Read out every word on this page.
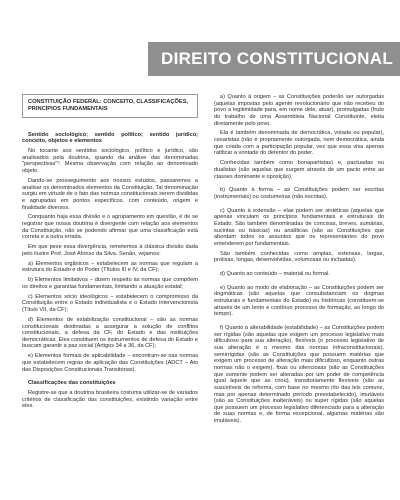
DIREITO CONSTITUCIONAL
CONSTITUIÇÃO FEDERAL: CONCEITO, CLASSIFICAÇÕES, PRINCÍPIOS FUNDAMENTAIS

Sentido sociológico; sentido político; sentido jurídico; conceito, objetos e elementos

No tocante aos sentidos sociológico, político e jurídico, são analisados pela doutrina, quando da análise das denominadas "perspectivas"¹: Mesma observação com relação ao denominado objeto.

Dando-se prosseguimento aos nossos estudos, passaremos a analisar os denominados elementos da Constituição. Tal denominação surgiu em virtude de o fato das normas constitucionais serem divididas e agrupadas em pontos específicos, com conteúdo, origem e finalidade diversos.

Conquanto haja essa divisão e o agrupamento em questão, é de se registrar que nossa doutrina é divergente com relação aos elementos da Constituição, não se podendo afirmar que uma classificação está correta e a outra errada.

Em que pese essa divergência, remetemos à clássica divisão dada pelo ilustre Prof. José Afonso da Silva. Senão, vejamos:

a) Elementos orgânicos – estabelecem as normas que regulam a estrutura do Estado e do Poder (Títulos III e IV, da CF);

b) Elementos limitativos – dizem respeito às normas que compõem os direitos e garantias fundamentais, limitando a atuação estatal;

c) Elementos sócio ideológicos – estabelecem o compromisso da Constituição entre o Estado individualista e o Estado intervencionista (Título VII, da CF);

d) Elementos de estabilização constitucional – são as normas constitucionais destinadas a assegurar a solução de conflitos constitucionais, a defesa da CF, do Estado e das instituições democráticas. Eles constituem os instrumentos de defesa do Estado e buscam garantir a paz social (Artigos 34 a 36, da CF);

e) Elementos formais de aplicabilidade – encontram-se nas normas que estabelecem regras de aplicação das Constituições (ADCT – Ato das Disposições Constitucionais Transitórias).

Classificações das constituições

Registre-se que a doutrina brasileira costuma utilizar-se de variados critérios de classificação das constituições, existindo variação entre eles.

a) Quanto à origem – as Constituições poderão ser outorgadas (aquelas impostas pelo agente revolucionário que não recebeu do povo a legitimidade para, em nome dele, atuar), promulgadas (fruto do trabalho de uma Assembleia Nacional Constituinte, eleita diretamente pelo povo.

Ela é também denominada de democrática, votada ou popular), cesaristas (não é propriamente outorgada, nem democrática, ainda que criada com a participação popular, vez que essa visa apenas ratificar a vontade do detentor do poder.

Conhecidas também como bonapartistas) e, pactuadas ou dualistas (são aquelas que surgem através de um pacto entre as classes dominante e oposição).

b) Quanto à forma – as Constituições podem ser escritas (instrumentais) ou costumeiras (não escritas).

c) Quanto à extensão – elas podem ser sintéticas (aquelas que apenas vinculam os princípios fundamentais e estruturais do Estado. São também denominadas de concisas, breves, sumárias, sucintas ou básicas) ou analíticas (são as Constituições que abordam todos os assuntos que os representantes do povo entenderem por fundamentais.

São também conhecidas como amplas, extensas, largas, prolixas, longas, desenvolvidas, volumosas ou inchadas).

d) Quanto ao conteúdo – material ou formal.

e) Quanto ao modo de elaboração – as Constituições podem ser dogmáticas (são aquelas que consubstanciam os dogmas estruturais e fundamentais do Estado) ou históricas (constituem-se através de um lento e contínuo processo de formação, ao longo do tempo).

f) Quanto à alterabilidade (estabilidade) – as Constituições podem ser rígidas (são aquelas que exigem um processo legislativo mais dificultoso para sua alteração), flexíveis (o processo legislativo de sua alteração é o mesmo das normas infraconstitucionais), semirrígidas (são as Constituições que possuem matérias que exigem um processo de alteração mais dificultoso, enquanto outras normas não o exigem), fixas ou silenciosas (são as Constituições que somente podem ser alteradas por um poder de competência igual àquele que as criou), transitoriamente flexíveis (são as suscetíveis de reforma, com base no mesmo rito das leis comuns, mas por apenas determinado período preestabelecido), imutáveis (são as Constituições inalteráveis) ou super rígidas (são aquelas que possuem um processo legislativo diferenciado para a alteração de suas normas e, de forma excepcional, algumas matérias são imutáveis).
